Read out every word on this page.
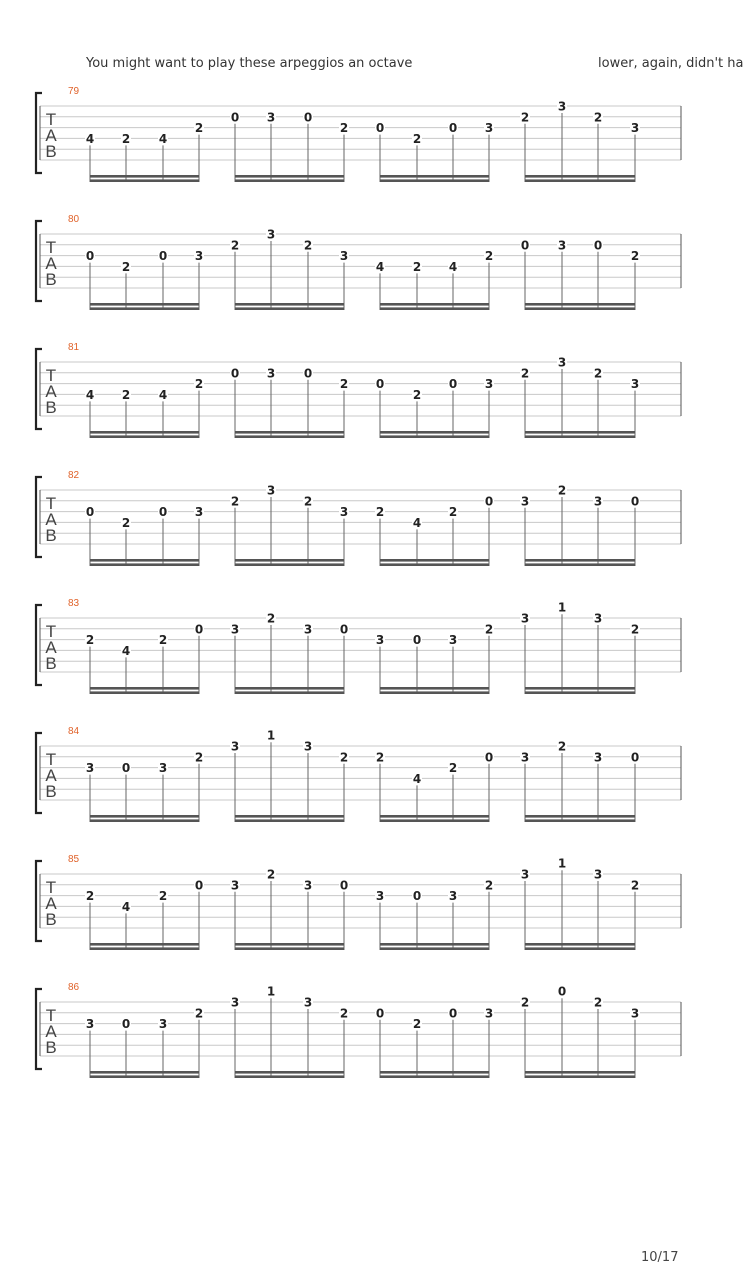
You might want to play these arpeggios an octave	lower, again, didn't ha
T
A
B
79
4 2 4
2
0 3 0
2 0
2
0 3
2
3
2
3
T
A
B
80
0
2
0 3
2
3
2
3
4 2 4
2
0 3 0
2
T
A
B
81
4 2 4
2
0 3 0
2 0
2
0 3
2
3
2
3
T
A
B
82
0
2
0 3
2
3
2
3 2
4
2
0 3
2
3 0
T
A
B
83
2
4
2
0 3
2
3 0
3 0 3
2
3
1
3
2
T
A
B
84
3 0 3
2
3
1
3
2 2
4
2
0 3
2
3 0
T
A
B
85
2
4
2
0 3
2
3 0
3 0 3
2
3
1
3
2
T
A
B
86
3 0 3
2
3
1
3
2 0
2
0 3
2
0
2
3
10/17
